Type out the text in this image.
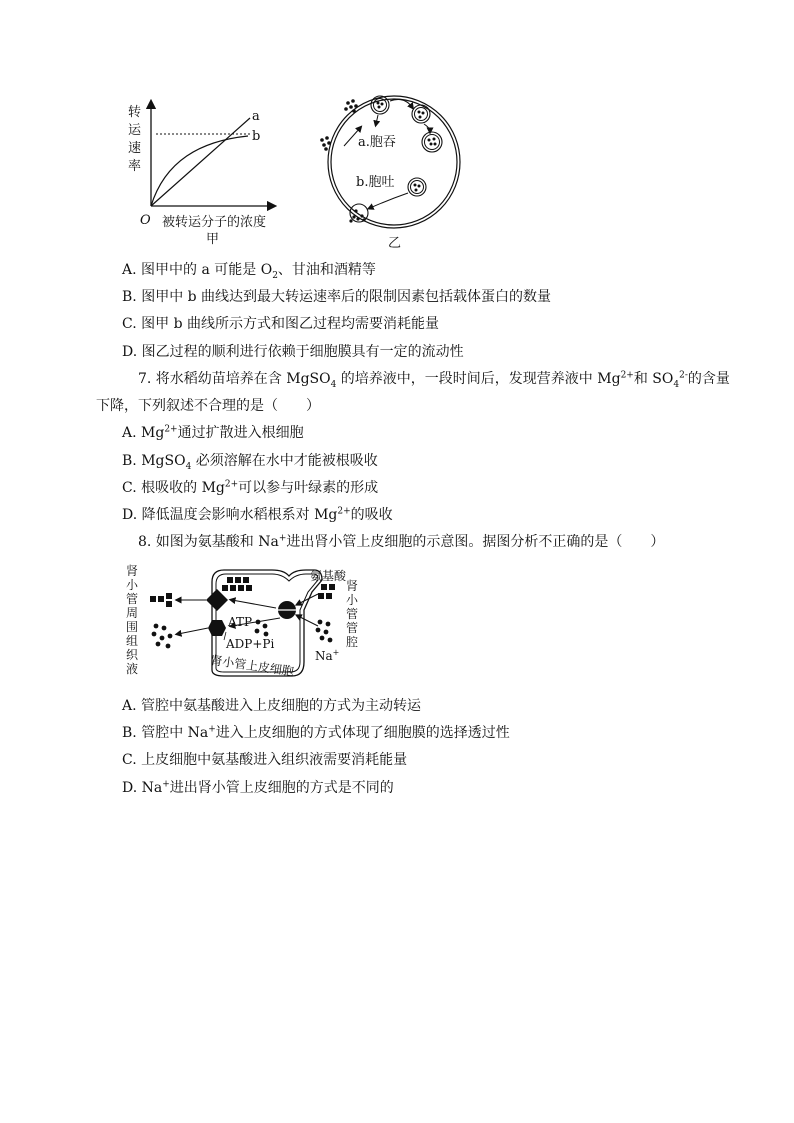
转
运
速
率
a
b
O 被转运分子的浓度
甲
a.胞吞
b.胞吐
乙
A. 图甲中的 a 可能是 $O_2$、甘油和酒精等
B. 图甲中 b 曲线达到最大转运速率后的限制因素包括载体蛋白的数量
C. 图甲 b 曲线所示方式和图乙过程均需要消耗能量
D. 图乙过程的顺利进行依赖于细胞膜具有一定的流动性
7. 将水稻幼苗培养在含 MgSO$_4$ 的培养液中，一段时间后，发现营养液中 $Mg^{2+}$和 $SO_4^{2-}$的含量
下降，下列叙述不合理的是（　　）
A. $Mg^{2+}$通过扩散进入根细胞
B. MgSO$_4$ 必须溶解在水中才能被根吸收
C. 根吸收的 $Mg^{2+}$可以参与叶绿素的形成
D. 降低温度会影响水稻根系对 $Mg^{2+}$的吸收
8. 如图为氨基酸和 Na+进出肾小管上皮细胞的示意图。据图分析不正确的是（　　）
肾
小
管
周
围
组
织
液
ATP
ADP+Pi
氨基酸
Na+
肾小管上皮细胞
肾
小
管
管
腔
A. 管腔中氨基酸进入上皮细胞的方式为主动转运
B. 管腔中 Na+进入上皮细胞的方式体现了细胞膜的选择透过性
C. 上皮细胞中氨基酸进入组织液需要消耗能量
D. Na+进出肾小管上皮细胞的方式是不同的
